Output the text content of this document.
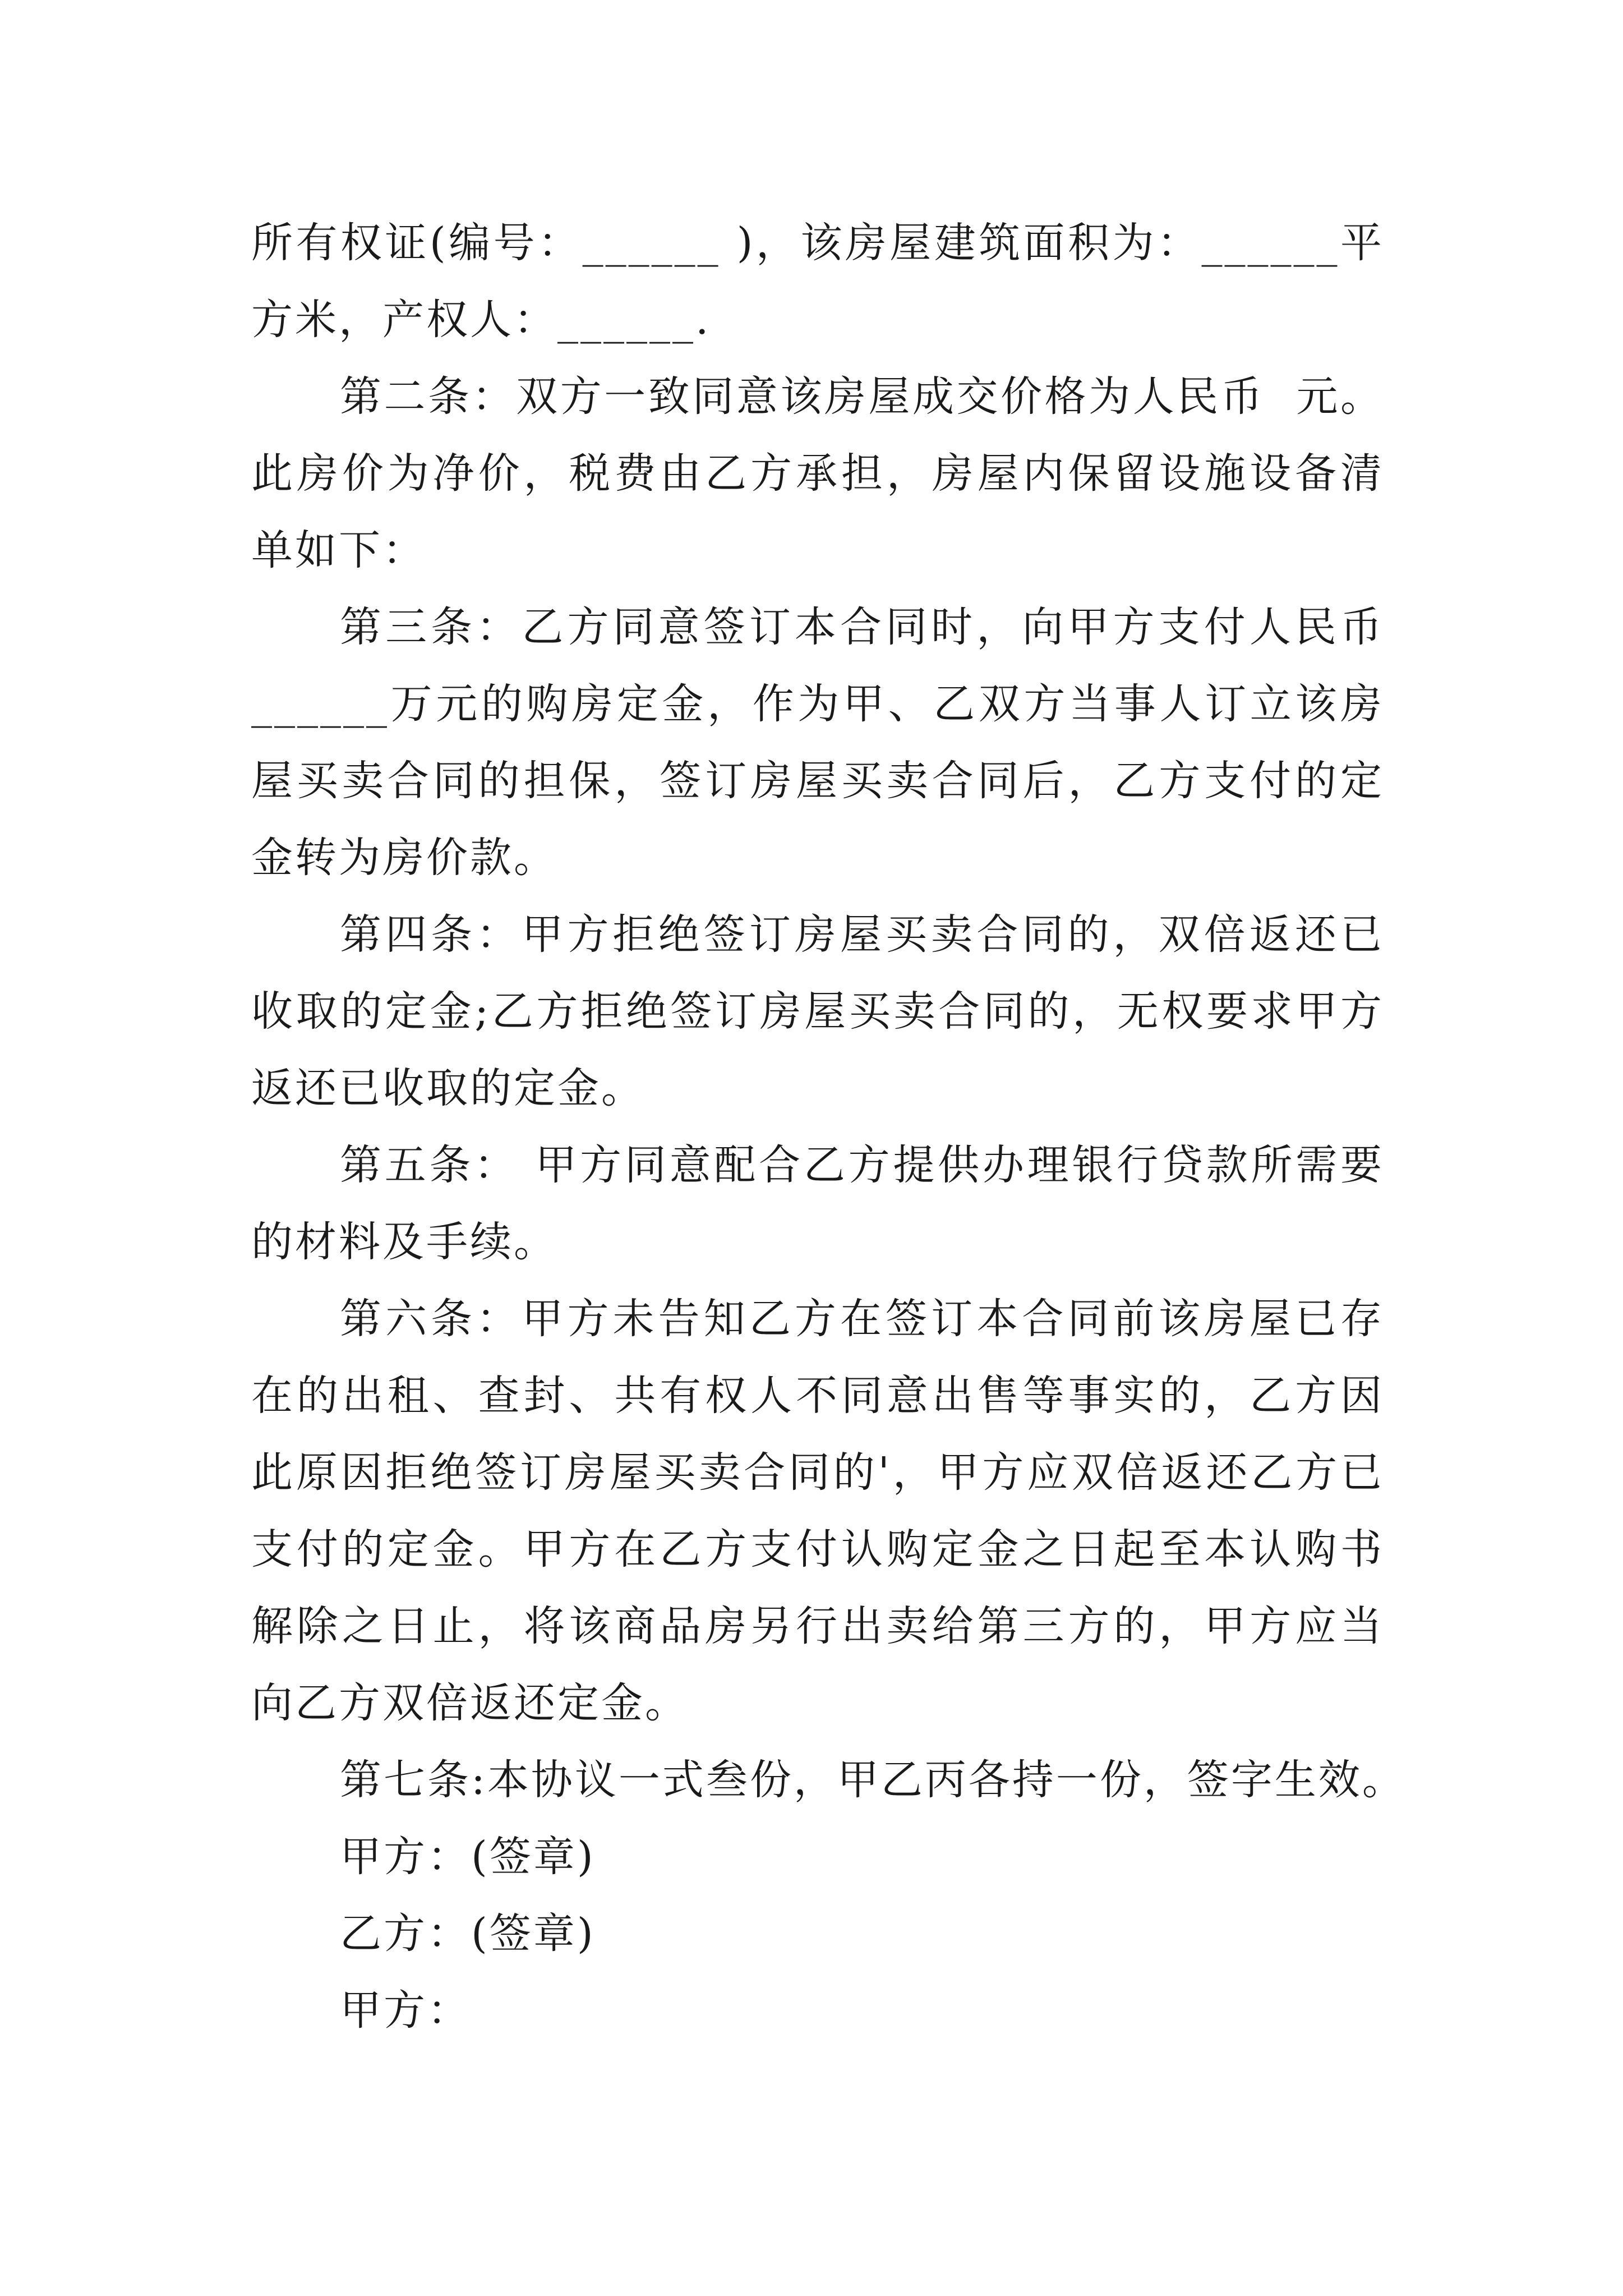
所有权证(编号：______ )，该房屋建筑面积为：______平方米，产权人：______.

第二条：双方一致同意该房屋成交价格为人民币  元。此房价为净价，税费由乙方承担，房屋内保留设施设备清单如下：

第三条：乙方同意签订本合同时，向甲方支付人民币______万元的购房定金，作为甲、乙双方当事人订立该房屋买卖合同的担保，签订房屋买卖合同后，乙方支付的定金转为房价款。

第四条：甲方拒绝签订房屋买卖合同的，双倍返还已收取的定金;乙方拒绝签订房屋买卖合同的，无权要求甲方返还已收取的定金。

第五条： 甲方同意配合乙方提供办理银行贷款所需要的材料及手续。

第六条：甲方未告知乙方在签订本合同前该房屋已存在的出租、查封、共有权人不同意出售等事实的，乙方因此原因拒绝签订房屋买卖合同的'，甲方应双倍返还乙方已支付的定金。甲方在乙方支付认购定金之日起至本认购书解除之日止，将该商品房另行出卖给第三方的，甲方应当向乙方双倍返还定金。

第七条:本协议一式叁份，甲乙丙各持一份，签字生效。

甲方：(签章)

乙方：(签章)

甲方：
